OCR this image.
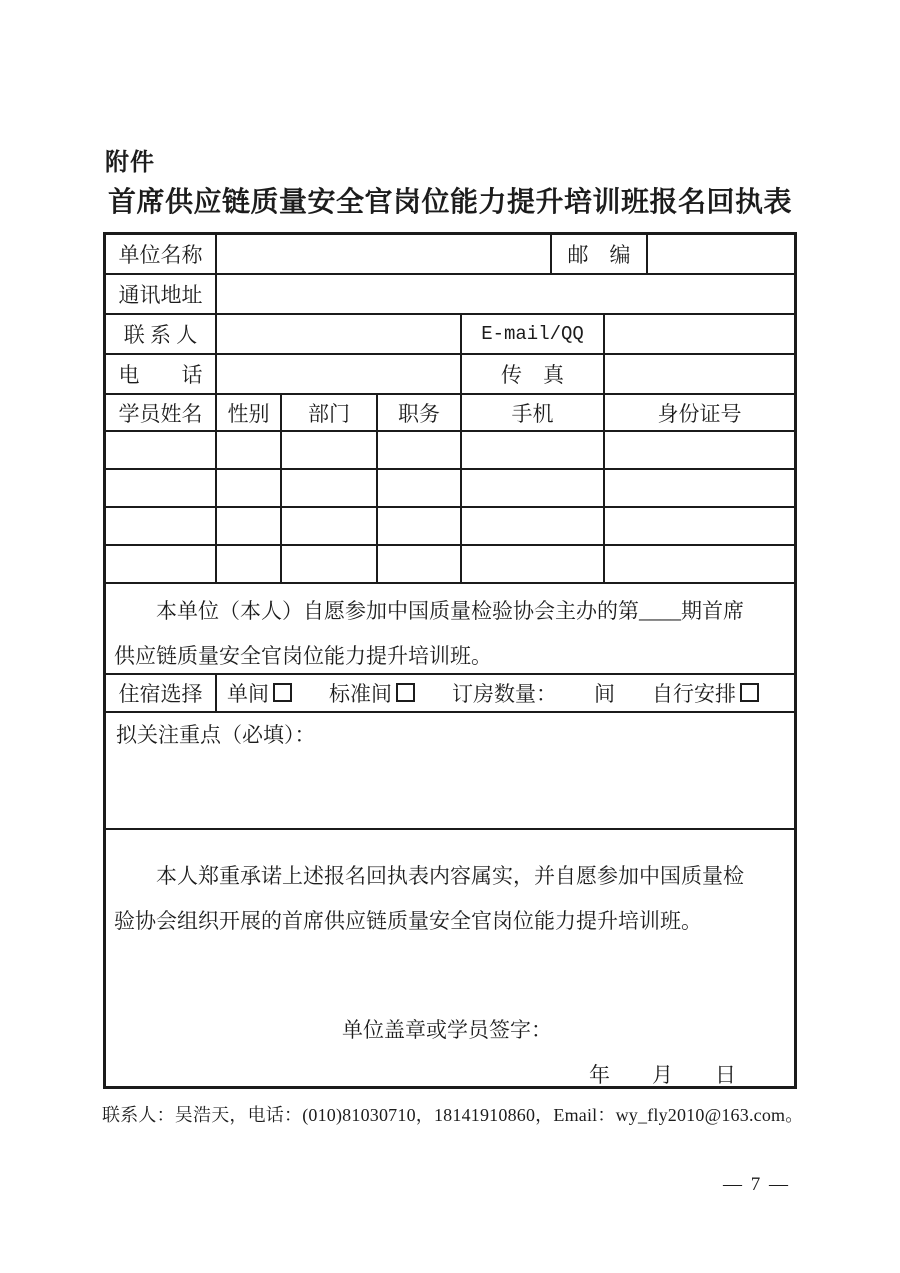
附件
首席供应链质量安全官岗位能力提升培训班报名回执表
单位名称	邮　编
通讯地址
联 系 人	E-mail/QQ
电　　话	传　真
学员姓名	性别	部门	职务	手机	身份证号
本单位（本人）自愿参加中国质量检验协会主办的第____期首席
供应链质量安全官岗位能力提升培训班。
住宿选择	单间	标准间	订房数量： 间 自行安排
拟关注重点（必填）：
本人郑重承诺上述报名回执表内容属实，并自愿参加中国质量检
验协会组织开展的首席供应链质量安全官岗位能力提升培训班。
单位盖章或学员签字：
年　　月　　日
联系人：吴浩天，电话：(010)81030710，18141910860，Email：wy_fly2010@163.com。
— 7 —
